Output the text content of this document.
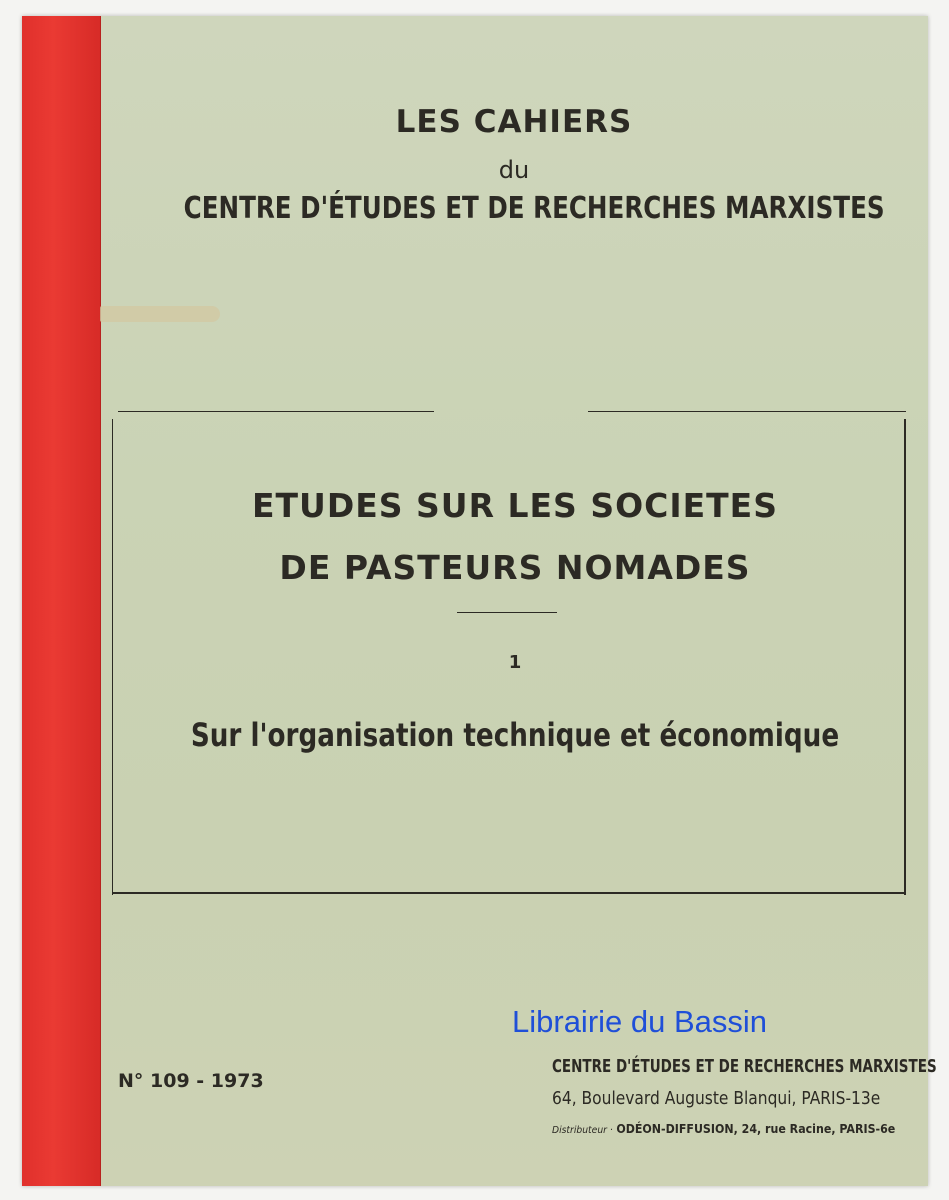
LES CAHIERS
du
CENTRE D'ÉTUDES ET DE RECHERCHES MARXISTES
ETUDES SUR LES SOCIETES
DE PASTEURS NOMADES
1
Sur l'organisation technique et économique
Librairie du Bassin
N° 109 - 1973
CENTRE D'ÉTUDES ET DE RECHERCHES MARXISTES
64, Boulevard Auguste Blanqui, PARIS-13e
Distributeur · ODÉON-DIFFUSION, 24, rue Racine, PARIS-6e
